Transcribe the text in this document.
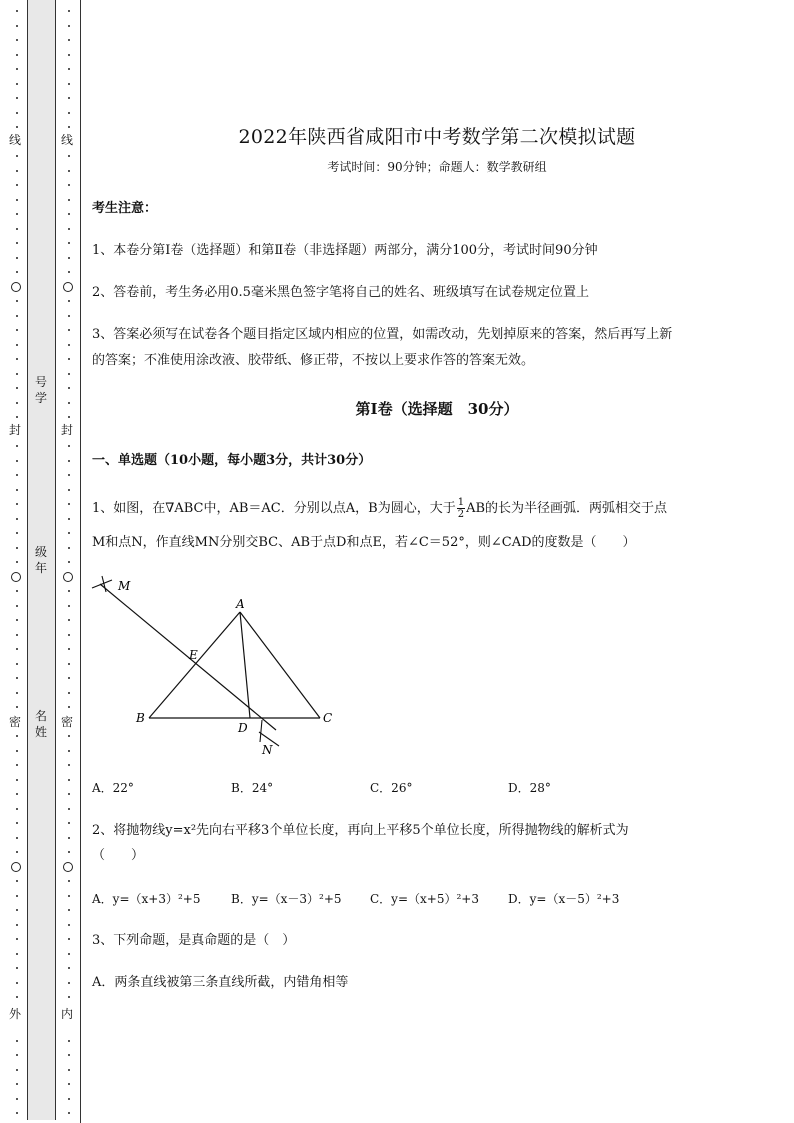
线
封
密
外
线
封
密
内
号
学
级
年
名
姓
2022年陕西省咸阳市中考数学第二次模拟试题
考试时间：90分钟；命题人：数学教研组
考生注意：
1、本卷分第I卷（选择题）和第Ⅱ卷（非选择题）两部分，满分100分，考试时间90分钟
2、答卷前，考生务必用0.5毫米黑色签字笔将自己的姓名、班级填写在试卷规定位置上
3、答案必须写在试卷各个题目指定区域内相应的位置，如需改动，先划掉原来的答案，然后再写上新
的答案；不准使用涂改液、胶带纸、修正带，不按以上要求作答的答案无效。
第I卷（选择题　30分）
一、单选题（10小题，每小题3分，共计30分）
1、如图，在∇ABC中，AB＝AC．分别以点A，B为圆心，大于 $\frac{1}{2}$ AB的长为半径画弧．两弧相交于点
M和点N，作直线MN分别交BC、AB于点D和点E，若∠C＝52°，则∠CAD的度数是（　　）
M
A
E
B
D
C
N
A．22°	B．24°	C．26°	D．28°
2、将抛物线y=x²先向右平移3个单位长度，再向上平移5个单位长度，所得抛物线的解析式为
（　　）
A．y=（x+3）²+5	B．y=（x－3）²+5 C．y=（x+5）²+3 D．y=（x－5）²+3
3、下列命题，是真命题的是（　）
A．两条直线被第三条直线所截，内错角相等
